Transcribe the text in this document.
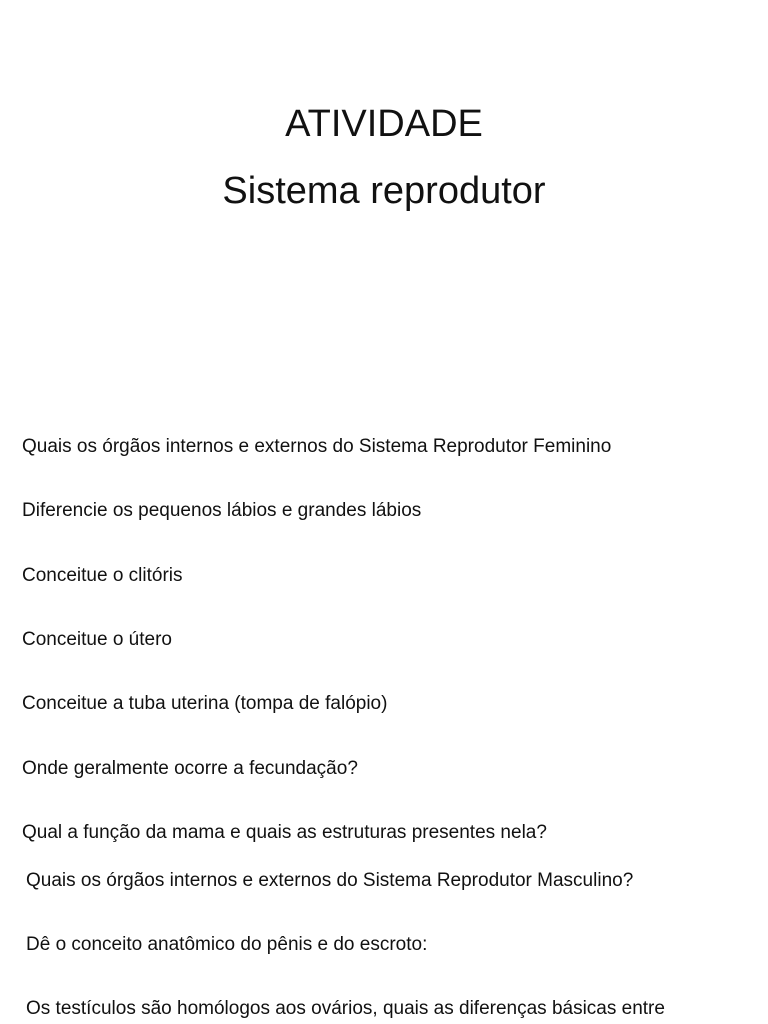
ATIVIDADE
Sistema reprodutor

Quais os órgãos internos e externos do Sistema Reprodutor Feminino

Diferencie os pequenos lábios e grandes lábios

Conceitue o clitóris

Conceitue o útero

Conceitue a tuba uterina (tompa de falópio)

Onde geralmente ocorre a fecundação?

Qual a função da mama e quais as estruturas presentes nela?

Quais os órgãos internos e externos do Sistema Reprodutor Masculino?

Dê o conceito anatômico do pênis e do escroto:

Os testículos são homólogos aos ovários, quais as diferenças básicas entre
